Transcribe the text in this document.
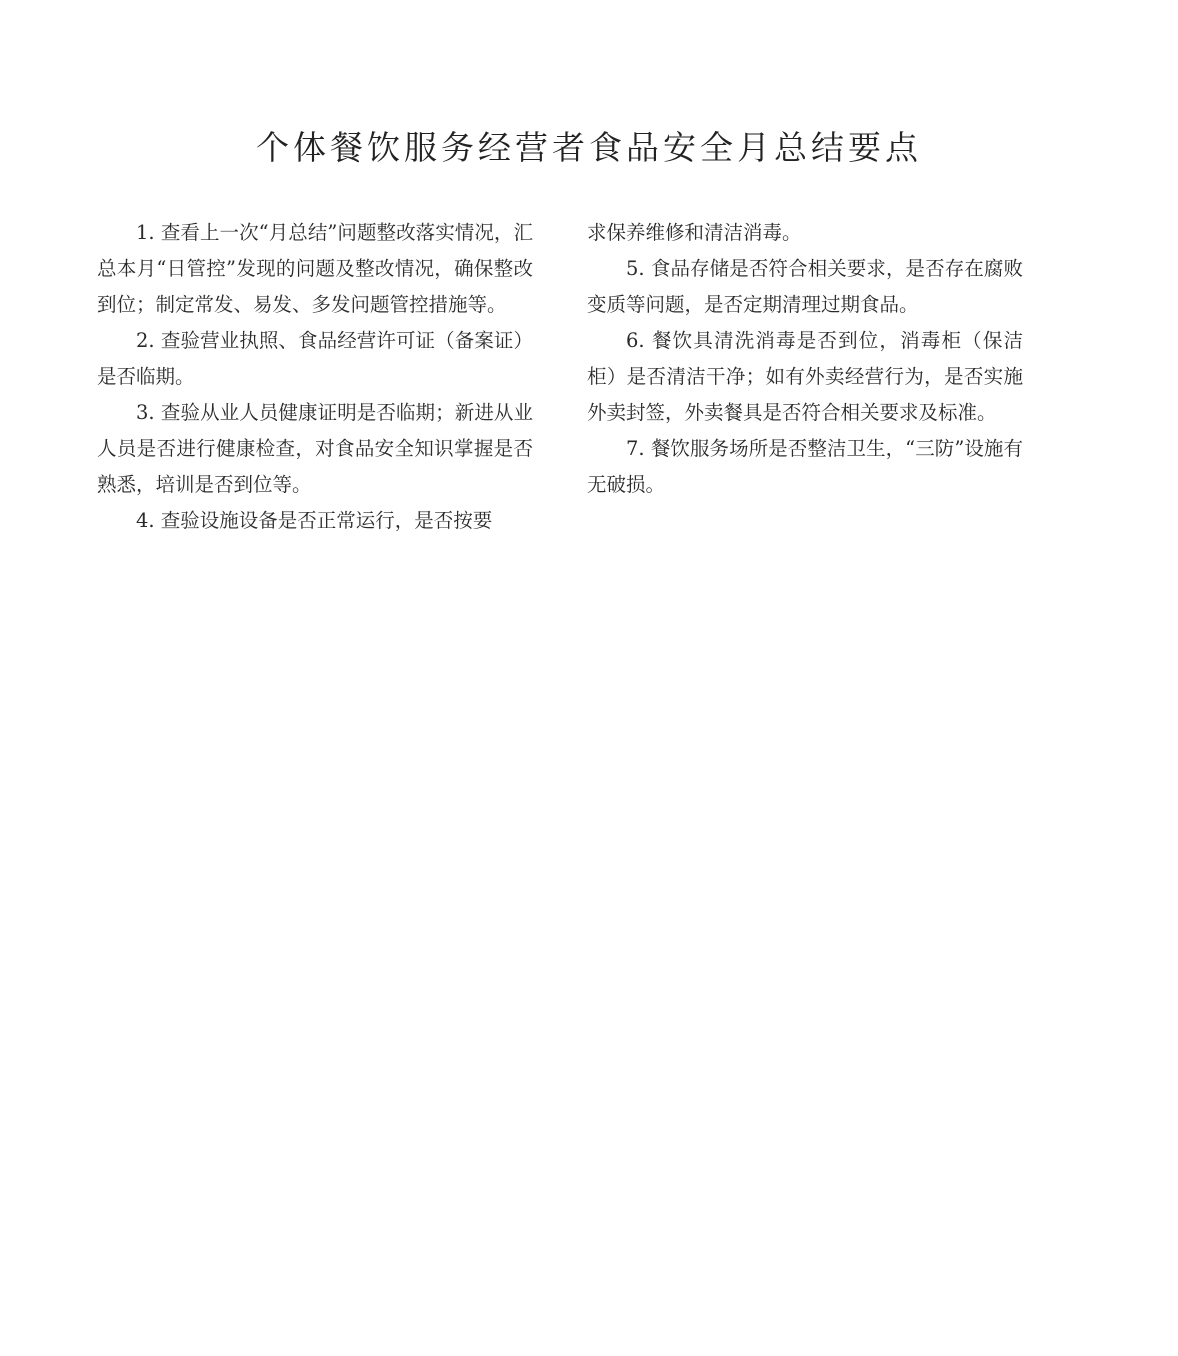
个体餐饮服务经营者食品安全月总结要点

1. 查看上一次“月总结”问题整改落实情况，汇总本月“日管控”发现的问题及整改情况，确保整改到位；制定常发、易发、多发问题管控措施等。

2. 查验营业执照、食品经营许可证（备案证）是否临期。

3. 查验从业人员健康证明是否临期；新进从业人员是否进行健康检查，对食品安全知识掌握是否熟悉，培训是否到位等。

4. 查验设施设备是否正常运行，是否按要

求保养维修和清洁消毒。

5. 食品存储是否符合相关要求，是否存在腐败变质等问题，是否定期清理过期食品。

6. 餐饮具清洗消毒是否到位，消毒柜（保洁柜）是否清洁干净；如有外卖经营行为，是否实施外卖封签，外卖餐具是否符合相关要求及标准。

7. 餐饮服务场所是否整洁卫生，“三防”设施有无破损。
